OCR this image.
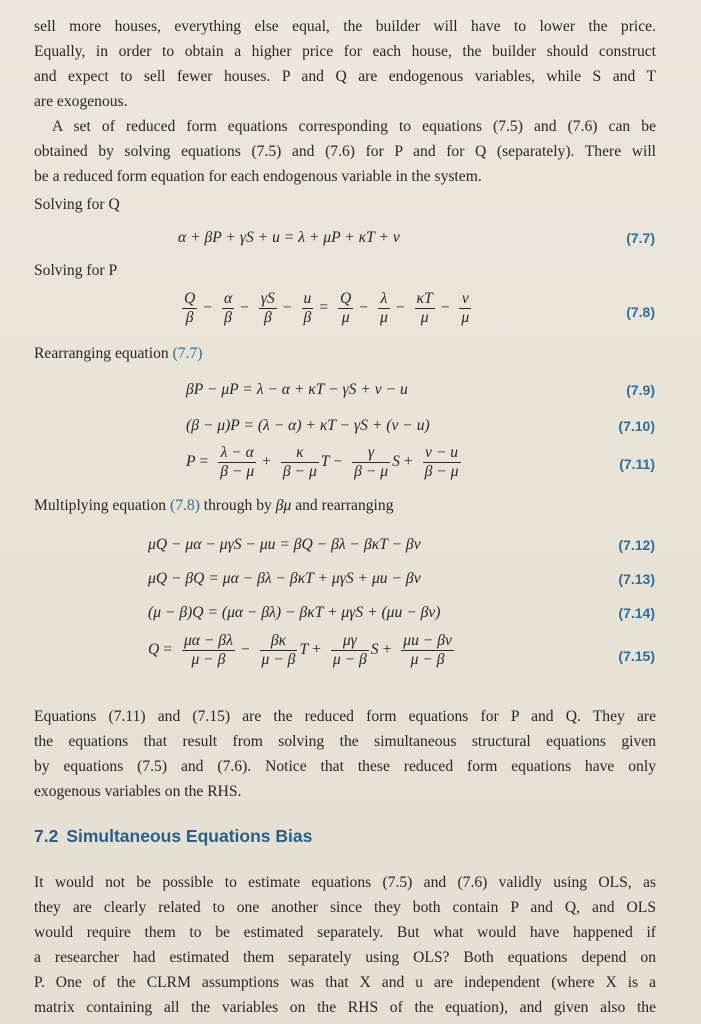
sell more houses, everything else equal, the builder will have to lower the price.
Equally, in order to obtain a higher price for each house, the builder should construct
and expect to sell fewer houses. P and Q are endogenous variables, while S and T
are exogenous.
A set of reduced form equations corresponding to equations (7.5) and (7.6) can be
obtained by solving equations (7.5) and (7.6) for P and for Q (separately). There will
be a reduced form equation for each endogenous variable in the system.
Solving for Q
α + βP + γS + u = λ + μP + κT + v	(7.7)
Solving for P
$\frac{Q}{\beta} - \frac{\alpha}{\beta} - \frac{\gamma S}{\beta} - \frac{u}{\beta} = \frac{Q}{\mu} - \frac{\lambda}{\mu} - \frac{\kappa T}{\mu} - \frac{v}{\mu}$	(7.8)
Rearranging equation (7.7)
βP − μP = λ − α + κT − γS + v − u	(7.9)
(β − μ)P = (λ − α) + κT − γS + (v − u)	(7.10)
$P = \frac{\lambda - \alpha}{\beta - \mu} + \frac{\kappa}{\beta - \mu}$ $T - \frac{\gamma}{\beta - \mu}$ $S + \frac{v - u}{\beta - \mu}$	(7.11)
Multiplying equation (7.8) through by βμ and rearranging
μQ − μα − μγS − μu = βQ − βλ − βκT − βv	(7.12)
μQ − βQ = μα − βλ − βκT + μγS + μu − βv	(7.13)
(μ − β)Q = (μα − βλ) − βκT + μγS + (μu − βv)	(7.14)
$Q = \frac{\mu\alpha - \beta\lambda}{\mu - \beta} - \frac{\beta\kappa}{\mu - \beta}$ $T + \frac{\mu\gamma}{\mu - \beta}$ $S + \frac{\mu u - \beta v}{\mu - \beta}$	(7.15)
Equations (7.11) and (7.15) are the reduced form equations for P and Q. They are
the equations that result from solving the simultaneous structural equations given
by equations (7.5) and (7.6). Notice that these reduced form equations have only
exogenous variables on the RHS.
7.2 Simultaneous Equations Bias
It would not be possible to estimate equations (7.5) and (7.6) validly using OLS, as
they are clearly related to one another since they both contain P and Q, and OLS
would require them to be estimated separately. But what would have happened if
a researcher had estimated them separately using OLS? Both equations depend on
P. One of the CLRM assumptions was that X and u are independent (where X is a
matrix containing all the variables on the RHS of the equation), and given also the
